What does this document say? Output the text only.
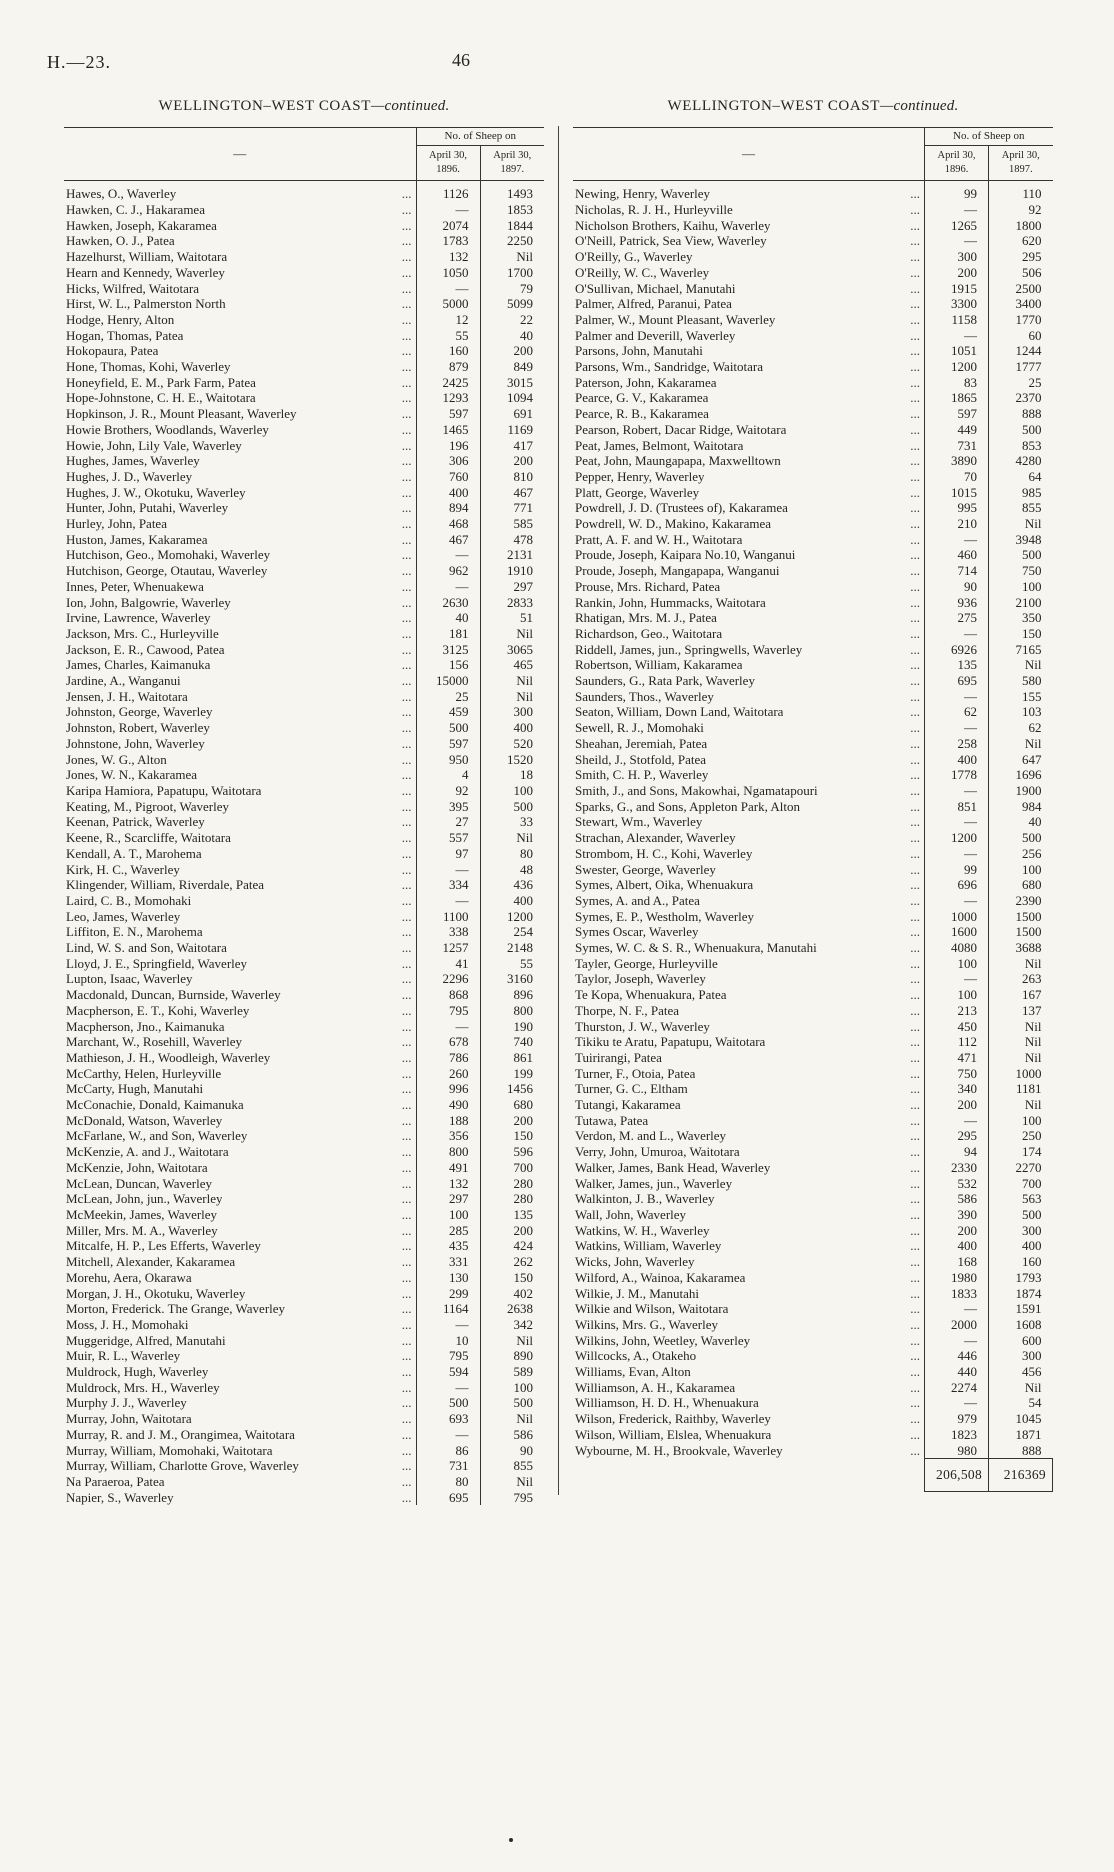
H.—23.	46
WELLINGTON–WEST COAST—continued.
—	No. of Sheep on	
	April 30, 1896.	April 30, 1897.

Hawes, O., Waverley ...	1126	1493

Hawken, C. J., Hakaramea ...	—	1853

Hawken, Joseph, Kakaramea ...	2074	1844

Hawken, O. J., Patea ...	1783	2250

Hazelhurst, William, Waitotara ...	132	Nil

Hearn and Kennedy, Waverley ...	1050	1700

Hicks, Wilfred, Waitotara ...	—	79

Hirst, W. L., Palmerston North ...	5000	5099

Hodge, Henry, Alton ...	12	22

Hogan, Thomas, Patea ...	55	40

Hokopaura, Patea ...	160	200

Hone, Thomas, Kohi, Waverley ...	879	849

Honeyfield, E. M., Park Farm, Patea ...	2425	3015

Hope-Johnstone, C. H. E., Waitotara ...	1293	1094

Hopkinson, J. R., Mount Pleasant, Waverley ...	597	691

Howie Brothers, Woodlands, Waverley ...	1465	1169

Howie, John, Lily Vale, Waverley ...	196	417

Hughes, James, Waverley ...	306	200

Hughes, J. D., Waverley ...	760	810

Hughes, J. W., Okotuku, Waverley ...	400	467

Hunter, John, Putahi, Waverley ...	894	771

Hurley, John, Patea ...	468	585

Huston, James, Kakaramea ...	467	478

Hutchison, Geo., Momohaki, Waverley ...	—	2131

Hutchison, George, Otautau, Waverley ...	962	1910

Innes, Peter, Whenuakewa ...	—	297

Ion, John, Balgowrie, Waverley ...	2630	2833

Irvine, Lawrence, Waverley ...	40	51

Jackson, Mrs. C., Hurleyville ...	181	Nil

Jackson, E. R., Cawood, Patea ...	3125	3065

James, Charles, Kaimanuka ...	156	465

Jardine, A., Wanganui ...	15000	Nil

Jensen, J. H., Waitotara ...	25	Nil

Johnston, George, Waverley ...	459	300

Johnston, Robert, Waverley ...	500	400

Johnstone, John, Waverley ...	597	520

Jones, W. G., Alton ...	950	1520

Jones, W. N., Kakaramea ...	4	18

Karipa Hamiora, Papatupu, Waitotara ...	92	100

Keating, M., Pigroot, Waverley ...	395	500

Keenan, Patrick, Waverley ...	27	33

Keene, R., Scarcliffe, Waitotara ...	557	Nil

Kendall, A. T., Marohema ...	97	80

Kirk, H. C., Waverley ...	—	48

Klingender, William, Riverdale, Patea ...	334	436

Laird, C. B., Momohaki ...	—	400

Leo, James, Waverley ...	1100	1200

Liffiton, E. N., Marohema ...	338	254

Lind, W. S. and Son, Waitotara ...	1257	2148

Lloyd, J. E., Springfield, Waverley ...	41	55

Lupton, Isaac, Waverley ...	2296	3160

Macdonald, Duncan, Burnside, Waverley ...	868	896

Macpherson, E. T., Kohi, Waverley ...	795	800

Macpherson, Jno., Kaimanuka ...	—	190

Marchant, W., Rosehill, Waverley ...	678	740

Mathieson, J. H., Woodleigh, Waverley ...	786	861

McCarthy, Helen, Hurleyville ...	260	199

McCarty, Hugh, Manutahi ...	996	1456

McConachie, Donald, Kaimanuka ...	490	680

McDonald, Watson, Waverley ...	188	200

McFarlane, W., and Son, Waverley ...	356	150

McKenzie, A. and J., Waitotara ...	800	596

McKenzie, John, Waitotara ...	491	700

McLean, Duncan, Waverley ...	132	280

McLean, John, jun., Waverley ...	297	280

McMeekin, James, Waverley ...	100	135

Miller, Mrs. M. A., Waverley ...	285	200

Mitcalfe, H. P., Les Efferts, Waverley ...	435	424

Mitchell, Alexander, Kakaramea ...	331	262

Morehu, Aera, Okarawa ...	130	150

Morgan, J. H., Okotuku, Waverley ...	299	402

Morton, Frederick. The Grange, Waverley ...	1164	2638

Moss, J. H., Momohaki ...	—	342

Muggeridge, Alfred, Manutahi ...	10	Nil

Muir, R. L., Waverley ...	795	890

Muldrock, Hugh, Waverley ...	594	589

Muldrock, Mrs. H., Waverley ...	—	100

Murphy J. J., Waverley ...	500	500

Murray, John, Waitotara ...	693	Nil

Murray, R. and J. M., Orangimea, Waitotara ...	—	586

Murray, William, Momohaki, Waitotara ...	86	90

Murray, William, Charlotte Grove, Waverley ...	731	855

Na Paraeroa, Patea ...	80	Nil

Napier, S., Waverley ...	695	795
WELLINGTON–WEST COAST—continued.
—	No. of Sheep on	
	April 30, 1896.	April 30, 1897.

Newing, Henry, Waverley ...	99	110

Nicholas, R. J. H., Hurleyville ...	—	92

Nicholson Brothers, Kaihu, Waverley ...	1265	1800

O'Neill, Patrick, Sea View, Waverley ...	—	620

O'Reilly, G., Waverley ...	300	295

O'Reilly, W. C., Waverley ...	200	506

O'Sullivan, Michael, Manutahi ...	1915	2500

Palmer, Alfred, Paranui, Patea ...	3300	3400

Palmer, W., Mount Pleasant, Waverley ...	1158	1770

Palmer and Deverill, Waverley ...	—	60

Parsons, John, Manutahi ...	1051	1244

Parsons, Wm., Sandridge, Waitotara ...	1200	1777

Paterson, John, Kakaramea ...	83	25

Pearce, G. V., Kakaramea ...	1865	2370

Pearce, R. B., Kakaramea ...	597	888

Pearson, Robert, Dacar Ridge, Waitotara ...	449	500

Peat, James, Belmont, Waitotara ...	731	853

Peat, John, Maungapapa, Maxwelltown ...	3890	4280

Pepper, Henry, Waverley ...	70	64

Platt, George, Waverley ...	1015	985

Powdrell, J. D. (Trustees of), Kakaramea ...	995	855

Powdrell, W. D., Makino, Kakaramea ...	210	Nil

Pratt, A. F. and W. H., Waitotara ...	—	3948

Proude, Joseph, Kaipara No.10, Wanganui ...	460	500

Proude, Joseph, Mangapapa, Wanganui ...	714	750

Prouse, Mrs. Richard, Patea ...	90	100

Rankin, John, Hummacks, Waitotara ...	936	2100

Rhatigan, Mrs. M. J., Patea ...	275	350

Richardson, Geo., Waitotara ...	—	150

Riddell, James, jun., Springwells, Waverley ...	6926	7165

Robertson, William, Kakaramea ...	135	Nil

Saunders, G., Rata Park, Waverley ...	695	580

Saunders, Thos., Waverley ...	—	155

Seaton, William, Down Land, Waitotara ...	62	103

Sewell, R. J., Momohaki ...	—	62

Sheahan, Jeremiah, Patea ...	258	Nil

Sheild, J., Stotfold, Patea ...	400	647

Smith, C. H. P., Waverley ...	1778	1696

Smith, J., and Sons, Makowhai, Ngamatapouri ...	—	1900

Sparks, G., and Sons, Appleton Park, Alton ...	851	984

Stewart, Wm., Waverley ...	—	40

Strachan, Alexander, Waverley ...	1200	500

Strombom, H. C., Kohi, Waverley ...	—	256

Swester, George, Waverley ...	99	100

Symes, Albert, Oika, Whenuakura ...	696	680

Symes, A. and A., Patea ...	—	2390

Symes, E. P., Westholm, Waverley ...	1000	1500

Symes Oscar, Waverley ...	1600	1500

Symes, W. C. & S. R., Whenuakura, Manutahi ...	4080	3688

Tayler, George, Hurleyville ...	100	Nil

Taylor, Joseph, Waverley ...	—	263

Te Kopa, Whenuakura, Patea ...	100	167

Thorpe, N. F., Patea ...	213	137

Thurston, J. W., Waverley ...	450	Nil

Tikiku te Aratu, Papatupu, Waitotara ...	112	Nil

Tuirirangi, Patea ...	471	Nil

Turner, F., Otoia, Patea ...	750	1000

Turner, G. C., Eltham ...	340	1181

Tutangi, Kakaramea ...	200	Nil

Tutawa, Patea ...	—	100

Verdon, M. and L., Waverley ...	295	250

Verry, John, Umuroa, Waitotara ...	94	174

Walker, James, Bank Head, Waverley ...	2330	2270

Walker, James, jun., Waverley ...	532	700

Walkinton, J. B., Waverley ...	586	563

Wall, John, Waverley ...	390	500

Watkins, W. H., Waverley ...	200	300

Watkins, William, Waverley ...	400	400

Wicks, John, Waverley ...	168	160

Wilford, A., Wainoa, Kakaramea ...	1980	1793

Wilkie, J. M., Manutahi ...	1833	1874

Wilkie and Wilson, Waitotara ...	—	1591

Wilkins, Mrs. G., Waverley ...	2000	1608

Wilkins, John, Weetley, Waverley ...	—	600

Willcocks, A., Otakeho ...	446	300

Williams, Evan, Alton ...	440	456

Williamson, A. H., Kakaramea ...	2274	Nil

Williamson, H. D. H., Whenuakura ...	—	54

Wilson, Frederick, Raithby, Waverley ...	979	1045

Wilson, William, Elslea, Whenuakura ...	1823	1871

Wybourne, M. H., Brookvale, Waverley ...	980	888
	206,508	216369
